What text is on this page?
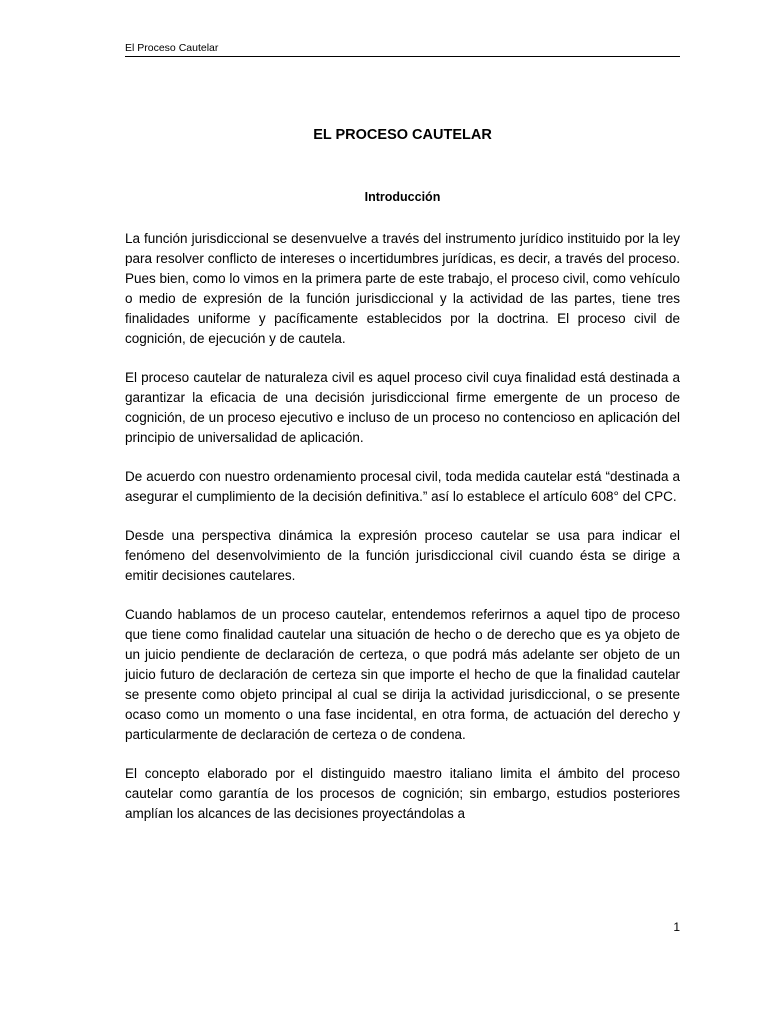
El Proceso Cautelar
EL PROCESO CAUTELAR
Introducción

La función jurisdiccional se desenvuelve a través del instrumento jurídico instituido por la ley para resolver conflicto de intereses o incertidumbres jurídicas, es decir, a través del proceso. Pues bien, como lo vimos en la primera parte de este trabajo, el proceso civil, como vehículo o medio de expresión de la función jurisdiccional y la actividad de las partes, tiene tres finalidades uniforme y pacíficamente establecidos por la doctrina. El proceso civil de cognición, de ejecución y de cautela.

El proceso cautelar de naturaleza civil es aquel proceso civil cuya finalidad está destinada a garantizar la eficacia de una decisión jurisdiccional firme emergente de un proceso de cognición, de un proceso ejecutivo e incluso de un proceso no contencioso en aplicación del principio de universalidad de aplicación.

De acuerdo con nuestro ordenamiento procesal civil, toda medida cautelar está “destinada a asegurar el cumplimiento de la decisión definitiva.” así lo establece el artículo 608° del CPC.

Desde una perspectiva dinámica la expresión proceso cautelar se usa para indicar el fenómeno del desenvolvimiento de la función jurisdiccional civil cuando ésta se dirige a emitir decisiones cautelares.

Cuando hablamos de un proceso cautelar, entendemos referirnos a aquel tipo de proceso que tiene como finalidad cautelar una situación de hecho o de derecho que es ya objeto de un juicio pendiente de declaración de certeza, o que podrá más adelante ser objeto de un juicio futuro de declaración de certeza sin que importe el hecho de que la finalidad cautelar se presente como objeto principal al cual se dirija la actividad jurisdiccional, o se presente ocaso como un momento o una fase incidental, en otra forma, de actuación del derecho y particularmente de declaración de certeza o de condena.

El concepto elaborado por el distinguido maestro italiano limita el ámbito del proceso cautelar como garantía de los procesos de cognición; sin embargo, estudios posteriores amplían los alcances de las decisiones proyectándolas a

1
